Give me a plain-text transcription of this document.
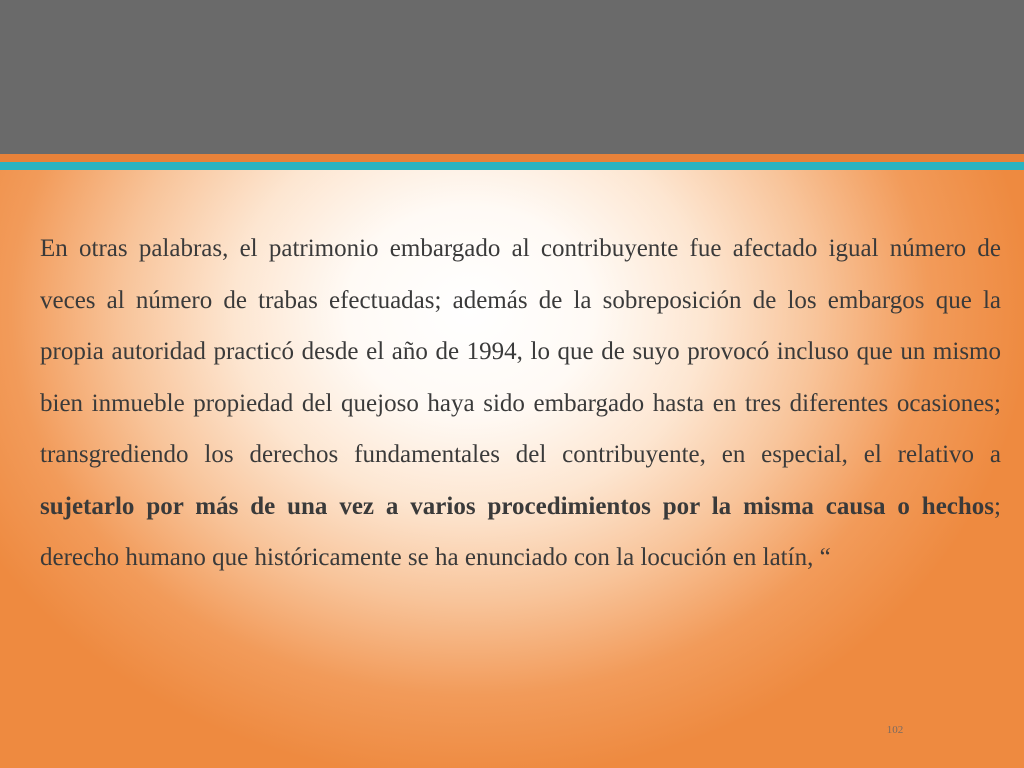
En otras palabras, el patrimonio embargado al contribuyente fue afectado igual número de veces al número de trabas efectuadas; además de la sobreposición de los embargos que la propia autoridad practicó desde el año de 1994, lo que de suyo provocó incluso que un mismo bien inmueble propiedad del quejoso haya sido embargado hasta en tres diferentes ocasiones; transgrediendo los derechos fundamentales del contribuyente, en especial, el relativo a sujetarlo por más de una vez a varios procedimientos por la misma causa o hechos; derecho humano que históricamente se ha enunciado con la locución en latín, “

102
